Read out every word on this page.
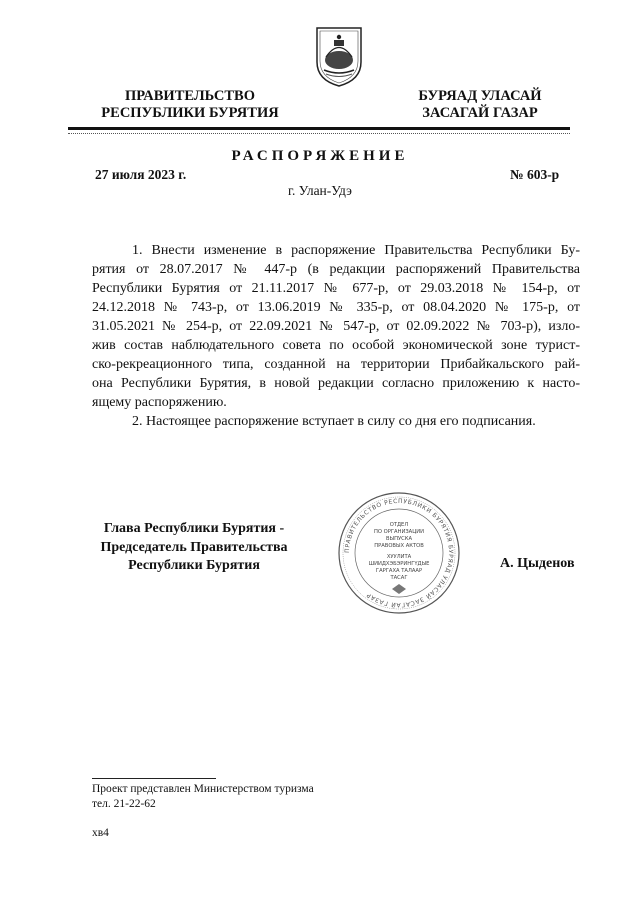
ПРАВИТЕЛЬСТВО
РЕСПУБЛИКИ БУРЯТИЯ
БУРЯАД УЛАСАЙ
ЗАСАГАЙ ГАЗАР
РАСПОРЯЖЕНИЕ
27 июля 2023 г.	№ 603-р
г. Улан-Удэ
1. Внести изменение в распоряжение Правительства Республики Бу-
рятия от 28.07.2017 № 447-р (в редакции распоряжений Правительства
Республики Бурятия от 21.11.2017 № 677-р, от 29.03.2018 № 154-р, от
24.12.2018 № 743-р, от 13.06.2019 № 335-р, от 08.04.2020 № 175-р, от
31.05.2021 № 254-р, от 22.09.2021 № 547-р, от 02.09.2022 № 703-р), изло-
жив состав наблюдательного совета по особой экономической зоне турист-
ско-рекреационного типа, созданной на территории Прибайкальского рай-
она Республики Бурятия, в новой редакции согласно приложению к насто-
ящему распоряжению.
2. Настоящее распоряжение вступает в силу со дня его подписания.
Глава Республики Бурятия -
Председатель Правительства
Республики Бурятия
ПРАВИТЕЛЬСТВО РЕСПУБЛИКИ БУРЯТИЯ БУРЯАД УЛАСАЙ ЗАСАГАЙ ГАЗАР
ОТДЕЛ
ПО ОРГАНИЗАЦИИ
ВЫПУСКА
ПРАВОВЫХ АКТОВ
ХУУЛИТА
ШИИДХЭБЭРИНГҮДЫЕ
ГАРГАХА ТАЛААР
ТАСАГ
А. Цыденов
Проект представлен Министерством туризма
тел. 21-22-62
хв4
